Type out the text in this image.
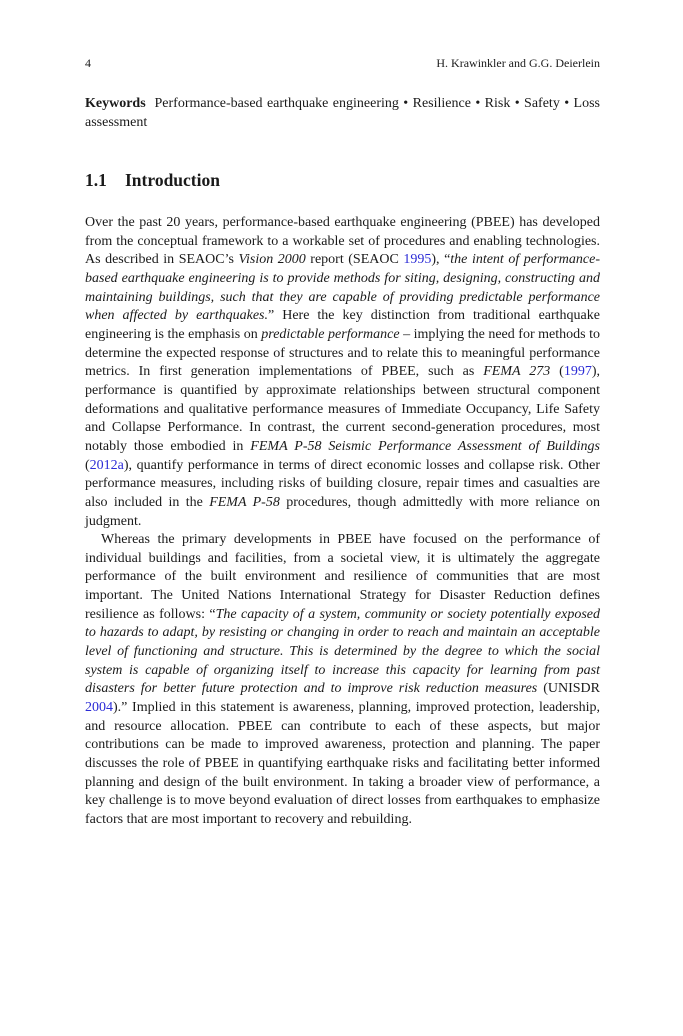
4	H. Krawinkler and G.G. Deierlein
Keywords Performance-based earthquake engineering • Resilience • Risk • Safety • Loss assessment
1.1 Introduction

Over the past 20 years, performance-based earthquake engineering (PBEE) has developed from the conceptual framework to a workable set of procedures and enabling technologies. As described in SEAOC’s Vision 2000 report (SEAOC 1995), “the intent of performance-based earthquake engineering is to provide methods for siting, designing, constructing and maintaining buildings, such that they are capable of providing predictable performance when affected by earthquakes.” Here the key distinction from traditional earthquake engineering is the emphasis on predictable performance – implying the need for methods to determine the expected response of structures and to relate this to meaningful performance metrics. In first generation implementations of PBEE, such as FEMA 273 (1997), performance is quantified by approximate relationships between structural component deformations and qualitative performance measures of Immediate Occupancy, Life Safety and Collapse Performance. In contrast, the current second-generation procedures, most notably those embodied in FEMA P-58 Seismic Performance Assessment of Buildings (2012a), quantify performance in terms of direct economic losses and collapse risk. Other performance measures, including risks of building closure, repair times and casualties are also included in the FEMA P-58 procedures, though admittedly with more reliance on judgment.

Whereas the primary developments in PBEE have focused on the performance of individual buildings and facilities, from a societal view, it is ultimately the aggregate performance of the built environment and resilience of communities that are most important. The United Nations International Strategy for Disaster Reduction defines resilience as follows: “The capacity of a system, community or society potentially exposed to hazards to adapt, by resisting or changing in order to reach and maintain an acceptable level of functioning and structure. This is determined by the degree to which the social system is capable of organizing itself to increase this capacity for learning from past disasters for better future protection and to improve risk reduction measures (UNISDR 2004).” Implied in this statement is awareness, planning, improved protection, leadership, and resource allocation. PBEE can contribute to each of these aspects, but major contributions can be made to improved awareness, protection and planning. The paper discusses the role of PBEE in quantifying earthquake risks and facilitating better informed planning and design of the built environment. In taking a broader view of performance, a key challenge is to move beyond evaluation of direct losses from earthquakes to emphasize factors that are most important to recovery and rebuilding.
